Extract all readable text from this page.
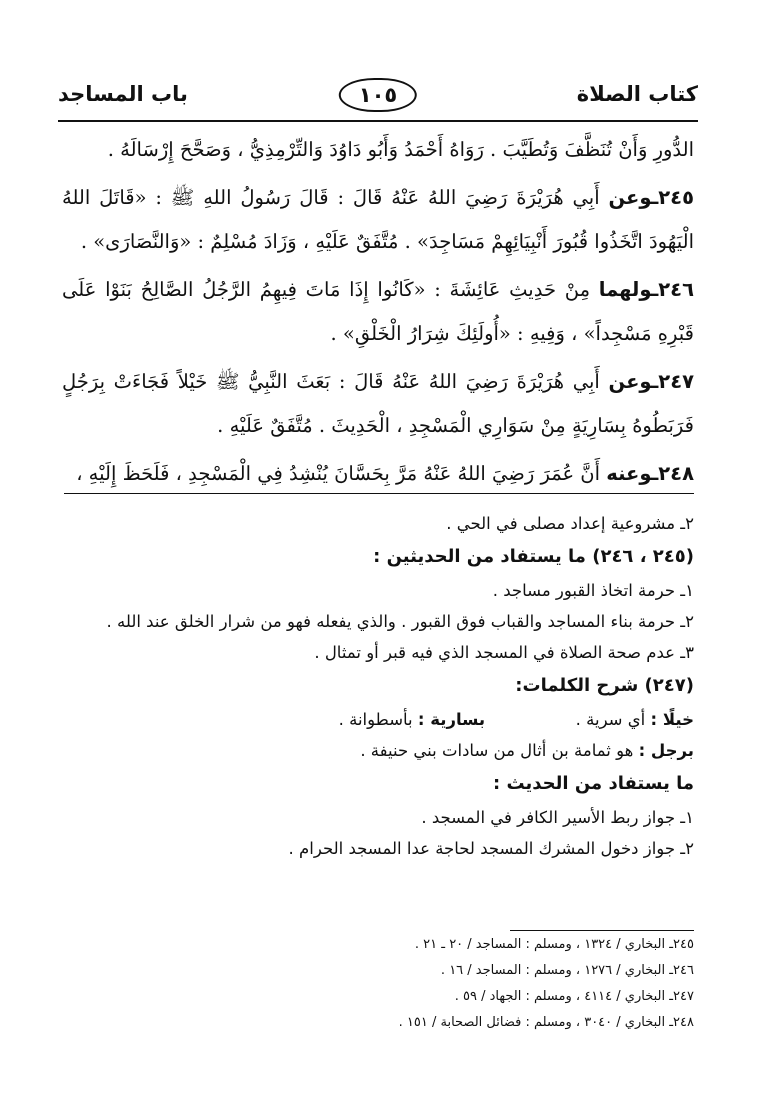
كتاب الصلاة
١٠٥
باب المساجد

الدُّورِ وَأَنْ تُنَظَّفَ وَتُطَيَّبَ . رَوَاهُ أَحْمَدُ وَأَبُو دَاوُدَ وَالتِّرْمِذِيُّ ، وَصَحَّحَ إِرْسَالَهُ .

٢٤٥ـوعن أَبِي هُرَيْرَةَ رَضِيَ اللهُ عَنْهُ قَالَ : قَالَ رَسُولُ اللهِ ﷺ : «قَاتَلَ اللهُ الْيَهُودَ اتَّخَذُوا قُبُورَ أَنْبِيَائِهِمْ مَسَاجِدَ» . مُتَّفَقٌ عَلَيْهِ ، وَزَادَ مُسْلِمٌ : «وَالنَّصَارَى» .

٢٤٦ـولهما مِنْ حَدِيثِ عَائِشَةَ : «كَانُوا إِذَا مَاتَ فِيهِمُ الرَّجُلُ الصَّالِحُ بَنَوْا عَلَى قَبْرِهِ مَسْجِداً» ، وَفِيهِ : «أُولَئِكَ شِرَارُ الْخَلْقِ» .

٢٤٧ـوعن أَبِي هُرَيْرَةَ رَضِيَ اللهُ عَنْهُ قَالَ : بَعَثَ النَّبِيُّ ﷺ خَيْلاً فَجَاءَتْ بِرَجُلٍ فَرَبَطُوهُ بِسَارِيَةٍ مِنْ سَوَارِي الْمَسْجِدِ ، الْحَدِيثَ . مُتَّفَقٌ عَلَيْهِ .

٢٤٨ـوعنه أَنَّ عُمَرَ رَضِيَ اللهُ عَنْهُ مَرَّ بِحَسَّانَ يُنْشِدُ فِي الْمَسْجِدِ ، فَلَحَظَ إِلَيْهِ ،

٢ـ مشروعية إعداد مصلى في الحي .
(٢٤٥ ، ٢٤٦) ما يستفاد من الحديثين :
١ـ حرمة اتخاذ القبور مساجد .
٢ـ حرمة بناء المساجد والقباب فوق القبور . والذي يفعله فهو من شرار الخلق عند الله .
٣ـ عدم صحة الصلاة في المسجد الذي فيه قبر أو تمثال .
(٢٤٧) شرح الكلمات:
خيلًا : أي سرية .  بسارية : بأسطوانة .
برجل : هو ثمامة بن أثال من سادات بني حنيفة .
ما يستفاد من الحديث :
١ـ جواز ربط الأسير الكافر في المسجد .
٢ـ جواز دخول المشرك المسجد لحاجة عدا المسجد الحرام .
٢٤٥ـ البخاري / ١٣٢٤ ، ومسلم : المساجد / ٢٠ ـ ٢١ .
٢٤٦ـ البخاري / ١٢٧٦ ، ومسلم : المساجد / ١٦ .
٢٤٧ـ البخاري / ٤١١٤ ، ومسلم : الجهاد / ٥٩ .
٢٤٨ـ البخاري / ٣٠٤٠ ، ومسلم : فضائل الصحابة / ١٥١ .
